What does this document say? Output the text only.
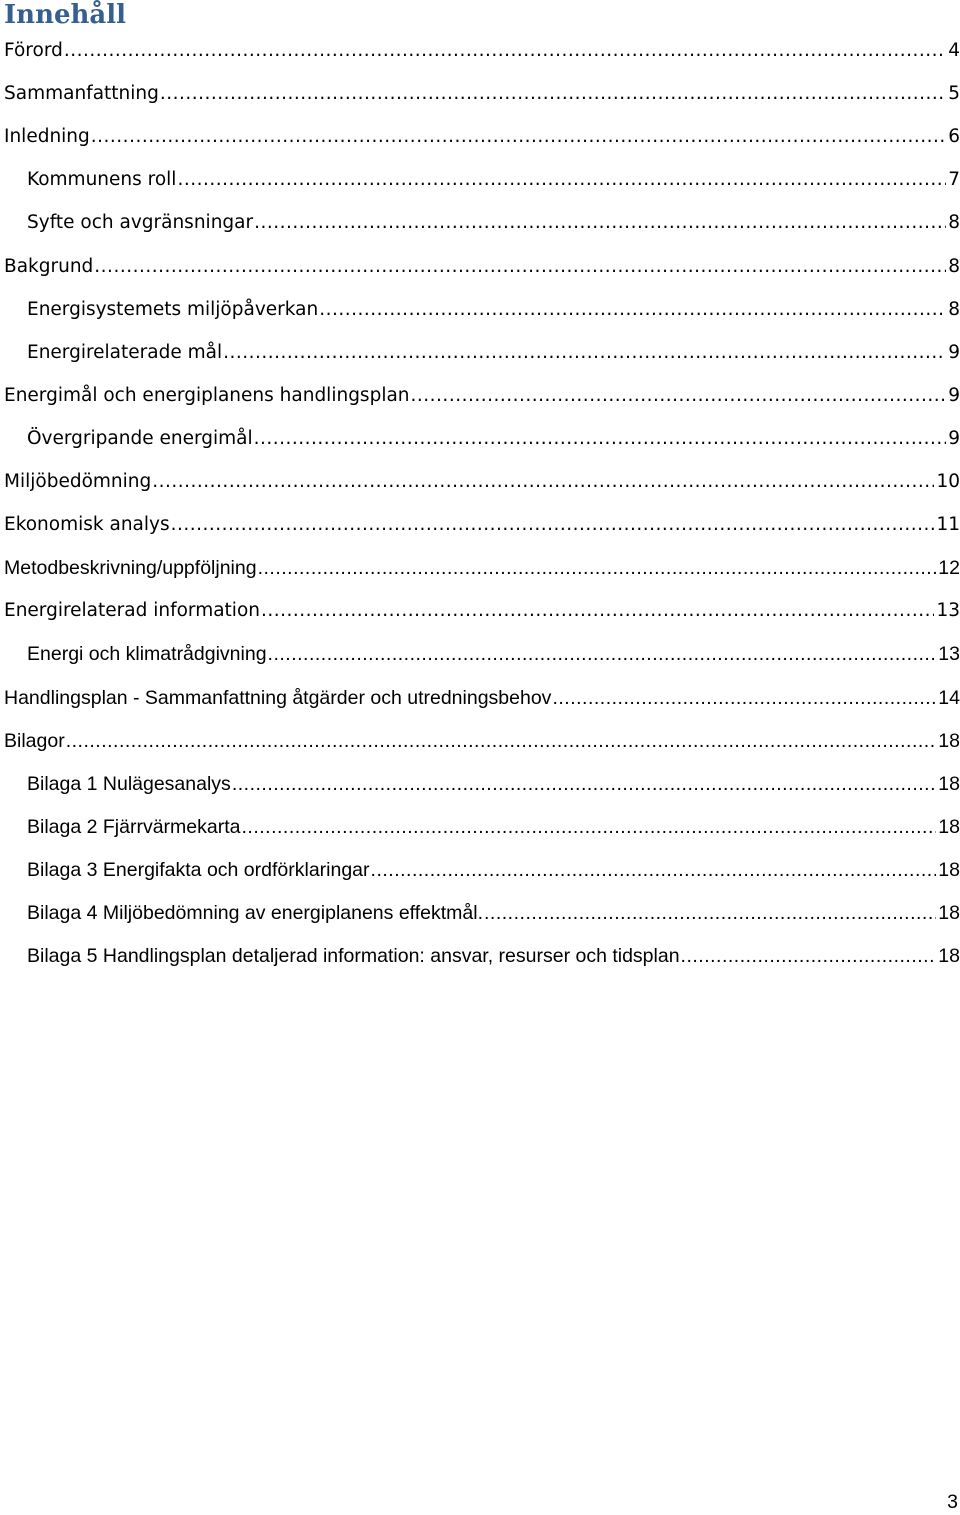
Innehåll
Förord .....	4
Sammanfattning .....	5
Inledning .....	6
Kommunens roll .....	7
Syfte och avgränsningar .....	8
Bakgrund .....	8
Energisystemets miljöpåverkan .....	8
Energirelaterade mål .....	9
Energimål och energiplanens handlingsplan .....	9
Övergripande energimål .....	9
Miljöbedömning .....	10
Ekonomisk analys .....	11
Metodbeskrivning/uppföljning .....	12
Energirelaterad information .....	13
Energi och klimatrådgivning .....	13
Handlingsplan - Sammanfattning åtgärder och utredningsbehov .....	14
Bilagor .....	18
Bilaga 1 Nulägesanalys .....	18
Bilaga 2 Fjärrvärmekarta .....	18
Bilaga 3 Energifakta och ordförklaringar .....	18
Bilaga 4 Miljöbedömning av energiplanens effektmål. .....	18
Bilaga 5 Handlingsplan detaljerad information: ansvar, resurser och tidsplan .....	18
3
